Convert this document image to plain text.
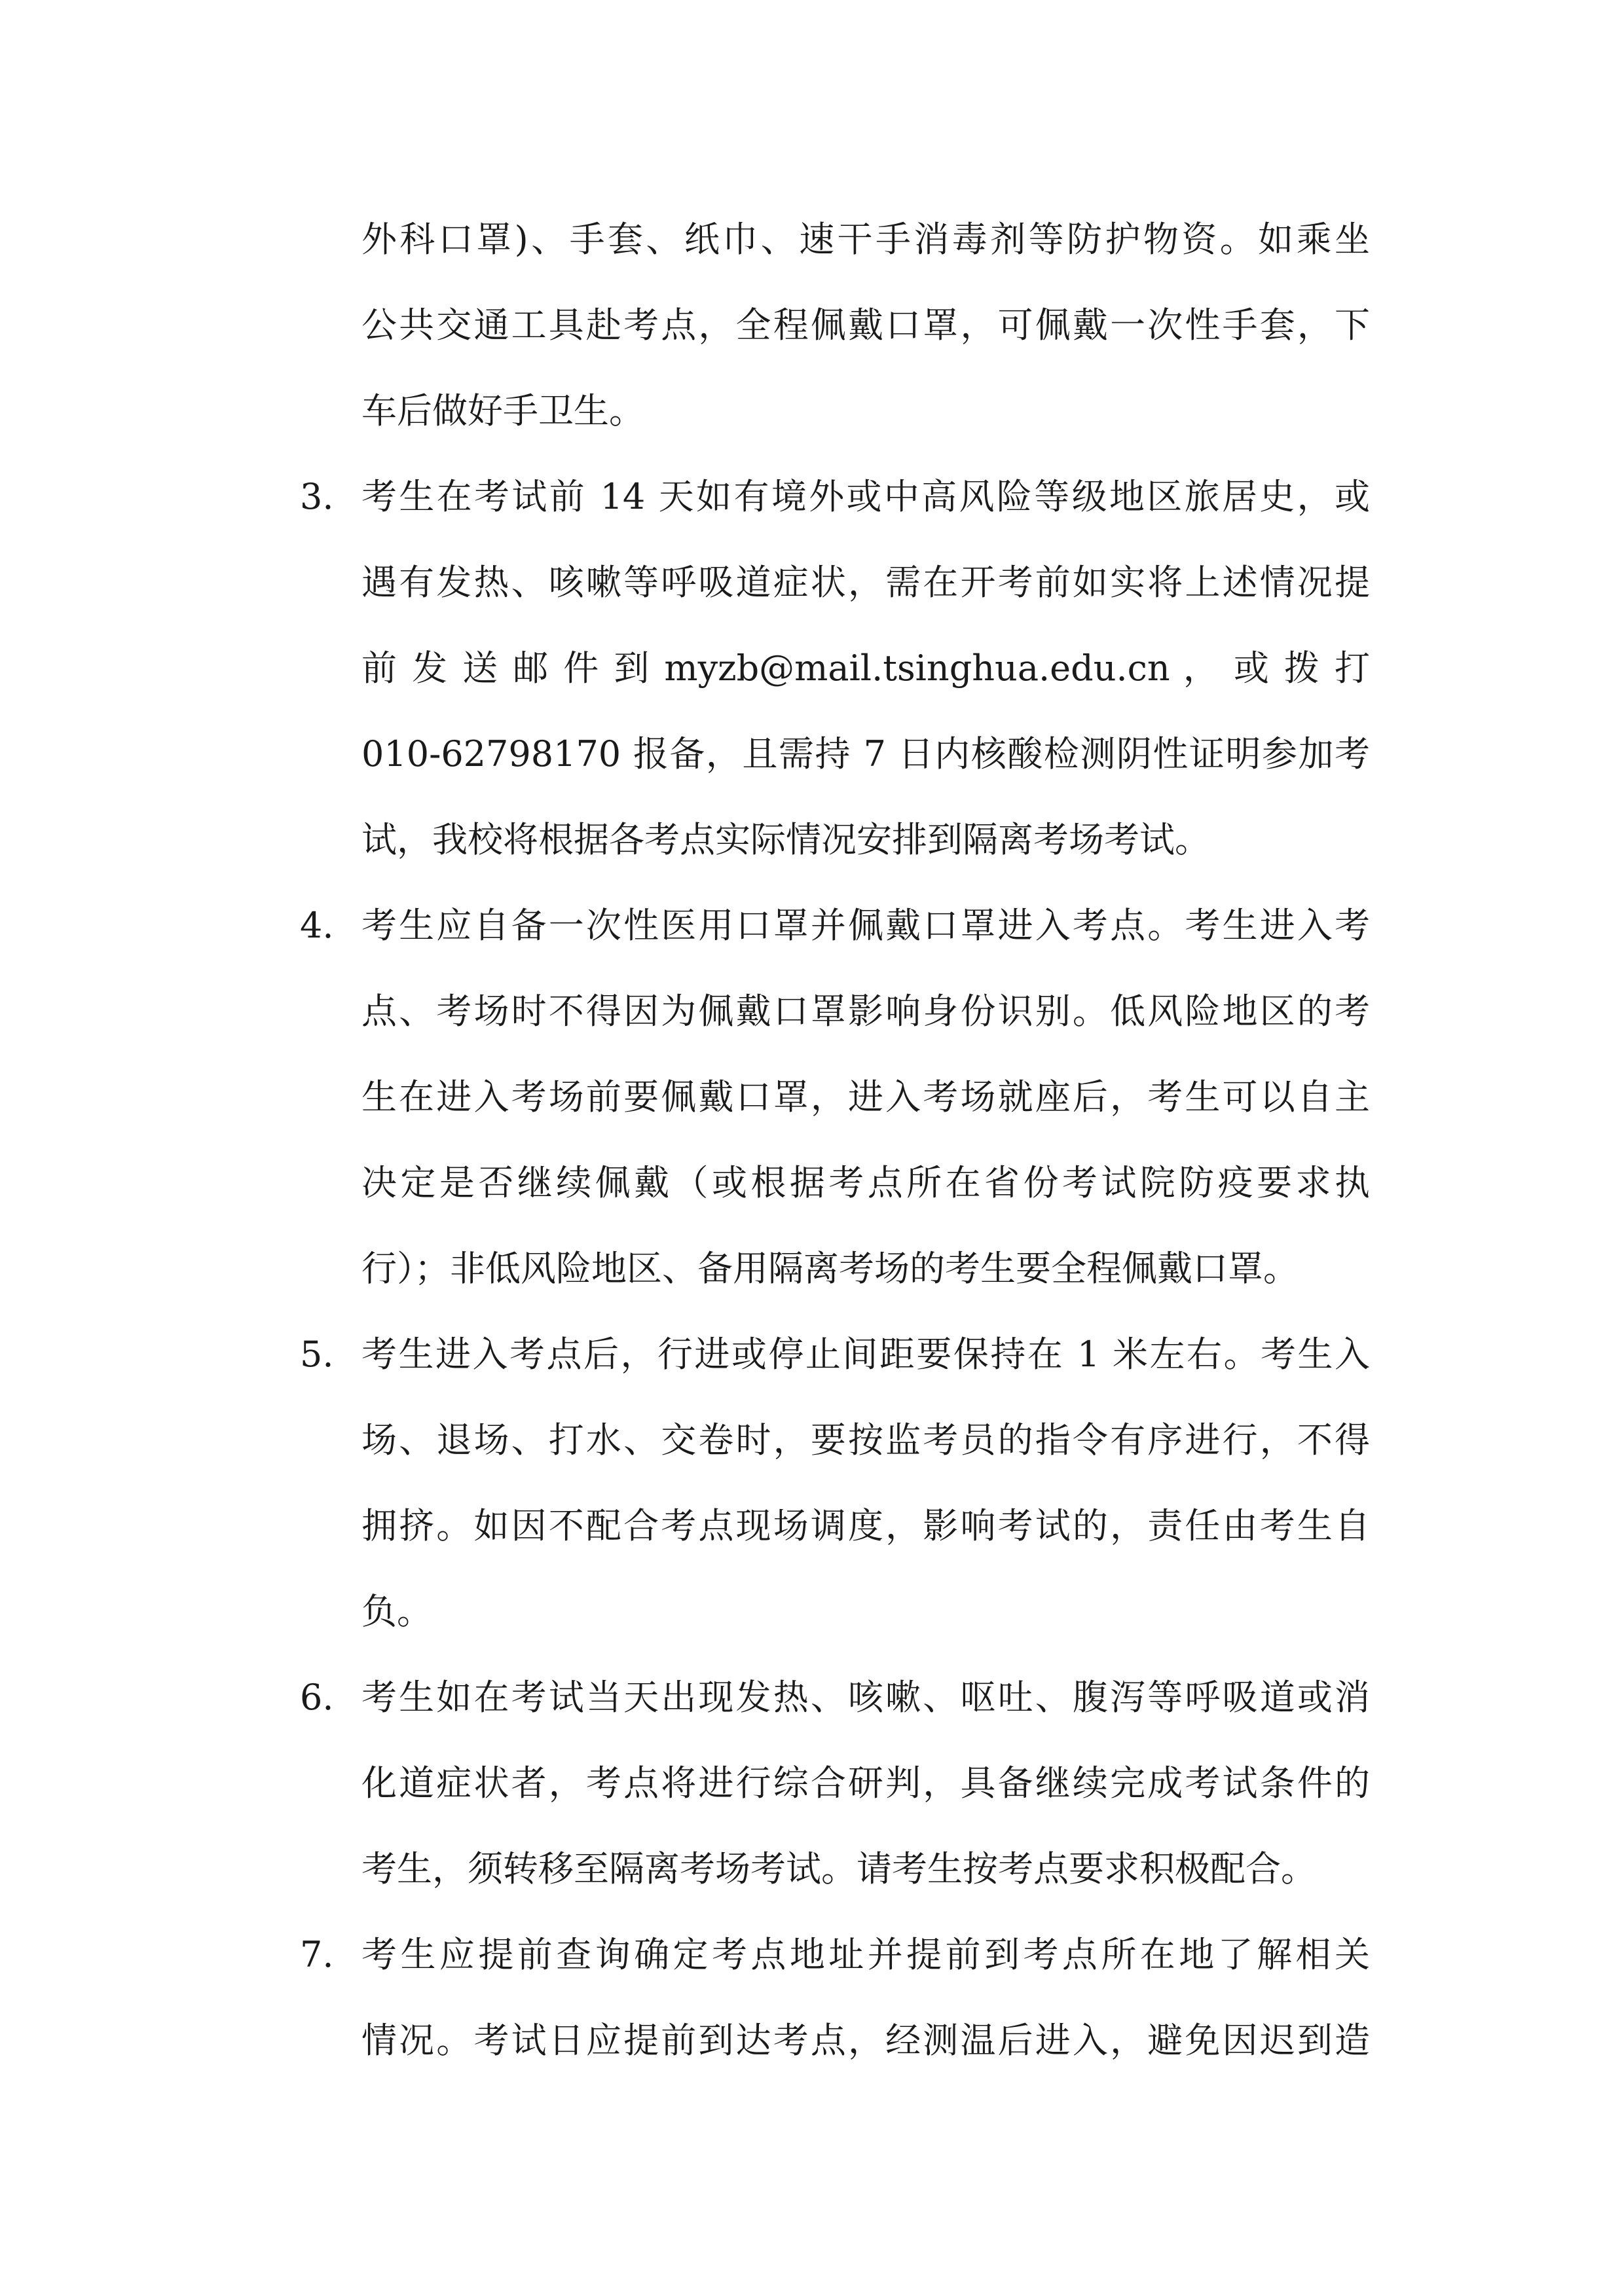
外科口罩)、手套、纸巾、速干手消毒剂等防护物资。如乘坐
公共交通工具赴考点，全程佩戴口罩，可佩戴一次性手套，下
车后做好手卫生。
3. 考生在考试前 14 天如有境外或中高风险等级地区旅居史，或
遇有发热、咳嗽等呼吸道症状，需在开考前如实将上述情况提
前 发 送 邮 件 到 myzb@mail.tsinghua.edu.cn ， 或 拨 打
010-62798170 报备，且需持 7 日内核酸检测阴性证明参加考
试，我校将根据各考点实际情况安排到隔离考场考试。
4. 考生应自备一次性医用口罩并佩戴口罩进入考点。考生进入考
点、考场时不得因为佩戴口罩影响身份识别。低风险地区的考
生在进入考场前要佩戴口罩，进入考场就座后，考生可以自主
决定是否继续佩戴（或根据考点所在省份考试院防疫要求执
行）；非低风险地区、备用隔离考场的考生要全程佩戴口罩。
5. 考生进入考点后，行进或停止间距要保持在 1 米左右。考生入
场、退场、打水、交卷时，要按监考员的指令有序进行，不得
拥挤。如因不配合考点现场调度，影响考试的，责任由考生自
负。
6. 考生如在考试当天出现发热、咳嗽、呕吐、腹泻等呼吸道或消
化道症状者，考点将进行综合研判，具备继续完成考试条件的
考生，须转移至隔离考场考试。请考生按考点要求积极配合。
7. 考生应提前查询确定考点地址并提前到考点所在地了解相关
情况。考试日应提前到达考点，经测温后进入，避免因迟到造
